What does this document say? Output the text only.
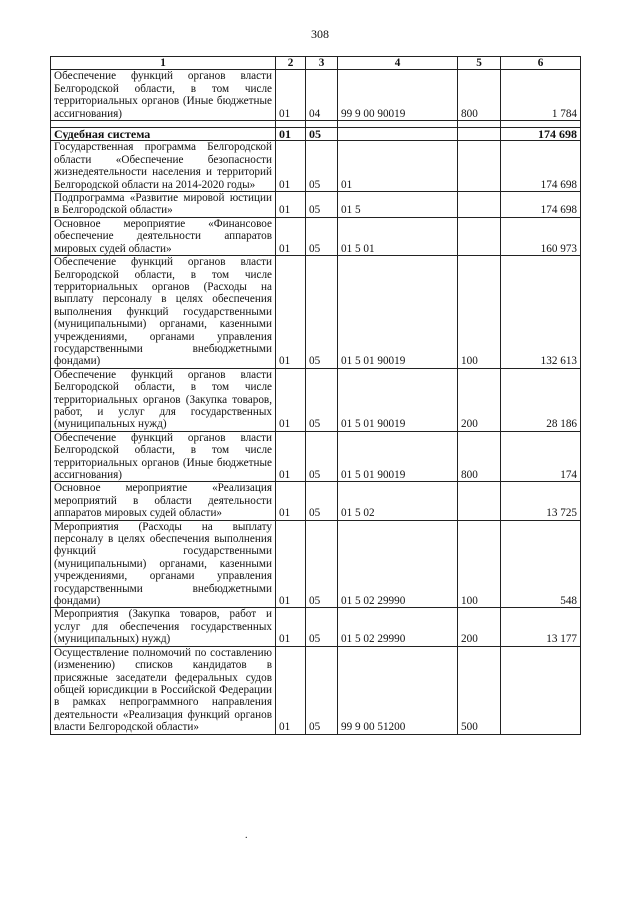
308
1	2	3	4	5	6
Обеспечение функций органов власти Белгородской области, в том числе территориальных органов (Иные бюджетные ассигнования)	01	04	99 9 00 90019	800	1 784

Судебная система	01	05			174 698
Государственная программа Белгородской области «Обеспечение безопасности жизнедеятельности населения и территорий Белгородской области на 2014-2020 годы»	01	05	01		174 698
Подпрограмма «Развитие мировой юстиции в Белгородской области»	01	05	01 5		174 698
Основное мероприятие «Финансовое обеспечение деятельности аппаратов мировых судей области»	01	05	01 5 01		160 973
Обеспечение функций органов власти Белгородской области, в том числе территориальных органов (Расходы на выплату персоналу в целях обеспечения выполнения функций государственными (муниципальными) органами, казенными учреждениями, органами управления государственными внебюджетными фондами)	01	05	01 5 01 90019	100	132 613
Обеспечение функций органов власти Белгородской области, в том числе территориальных органов (Закупка товаров, работ, и услуг для государственных (муниципальных нужд)	01	05	01 5 01 90019	200	28 186
Обеспечение функций органов власти Белгородской области, в том числе территориальных органов (Иные бюджетные ассигнования)	01	05	01 5 01 90019	800	174
Основное мероприятие «Реализация мероприятий в области деятельности аппаратов мировых судей области»	01	05	01 5 02		13 725
Мероприятия (Расходы на выплату персоналу в целях обеспечения выполнения функций государственными (муниципальными) органами, казенными учреждениями, органами управления государственными внебюджетными фондами)	01	05	01 5 02 29990	100	548
Мероприятия (Закупка товаров, работ и услуг для обеспечения государственных (муниципальных) нужд)	01	05	01 5 02 29990	200	13 177
Осуществление полномочий по составлению (изменению) списков кандидатов в присяжные заседатели федеральных судов общей юрисдикции в Российской Федерации в рамках непрограммного направления деятельности «Реализация функций органов власти Белгородской области»	01	05	99 9 00 51200	500	
.
